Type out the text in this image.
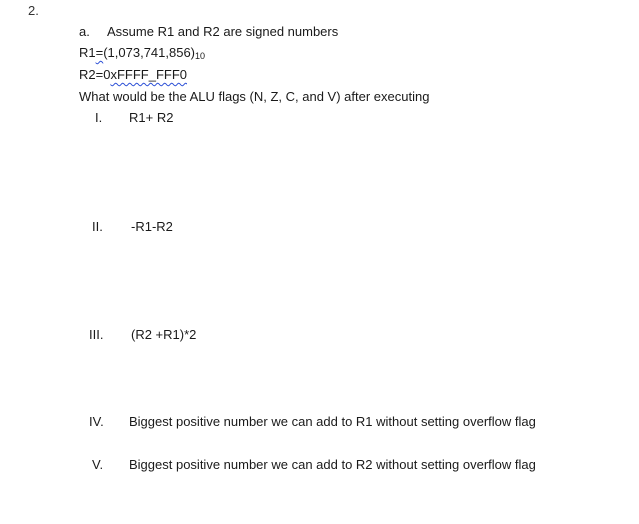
2.
a. Assume R1 and R2 are signed numbers
R1=(1,073,741,856)10
R2=0xFFFF_FFF0
What would be the ALU flags (N, Z, C, and V) after executing
I. R1+ R2
II. -R1-R2
III. (R2 +R1)*2
IV. Biggest positive number we can add to R1 without setting overflow flag
V. Biggest positive number we can add to R2 without setting overflow flag
